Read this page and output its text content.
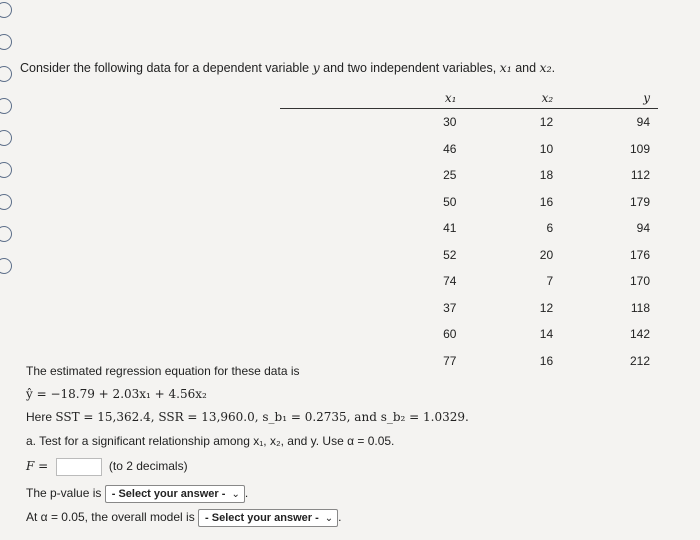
Consider the following data for a dependent variable y and two independent variables, x₁ and x₂.
	x₁	x₂	y
	30	12	94
	46	10	109
	25	18	112
	50	16	179
	41	6	94
	52	20	176
	74	7	170
	37	12	118
	60	14	142
	77	16	212
The estimated regression equation for these data is
ŷ = −18.79 + 2.03x₁ + 4.56x₂
Here SST = 15,362.4, SSR = 13,960.0, s_b₁ = 0.2735, and s_b₂ = 1.0329.
a. Test for a significant relationship among x₁, x₂, and y. Use α = 0.05.
F =	(to 2 decimals)
The p-value is - Select your answer - ⌄ .
At α = 0.05, the overall model is - Select your answer - ⌄ .
